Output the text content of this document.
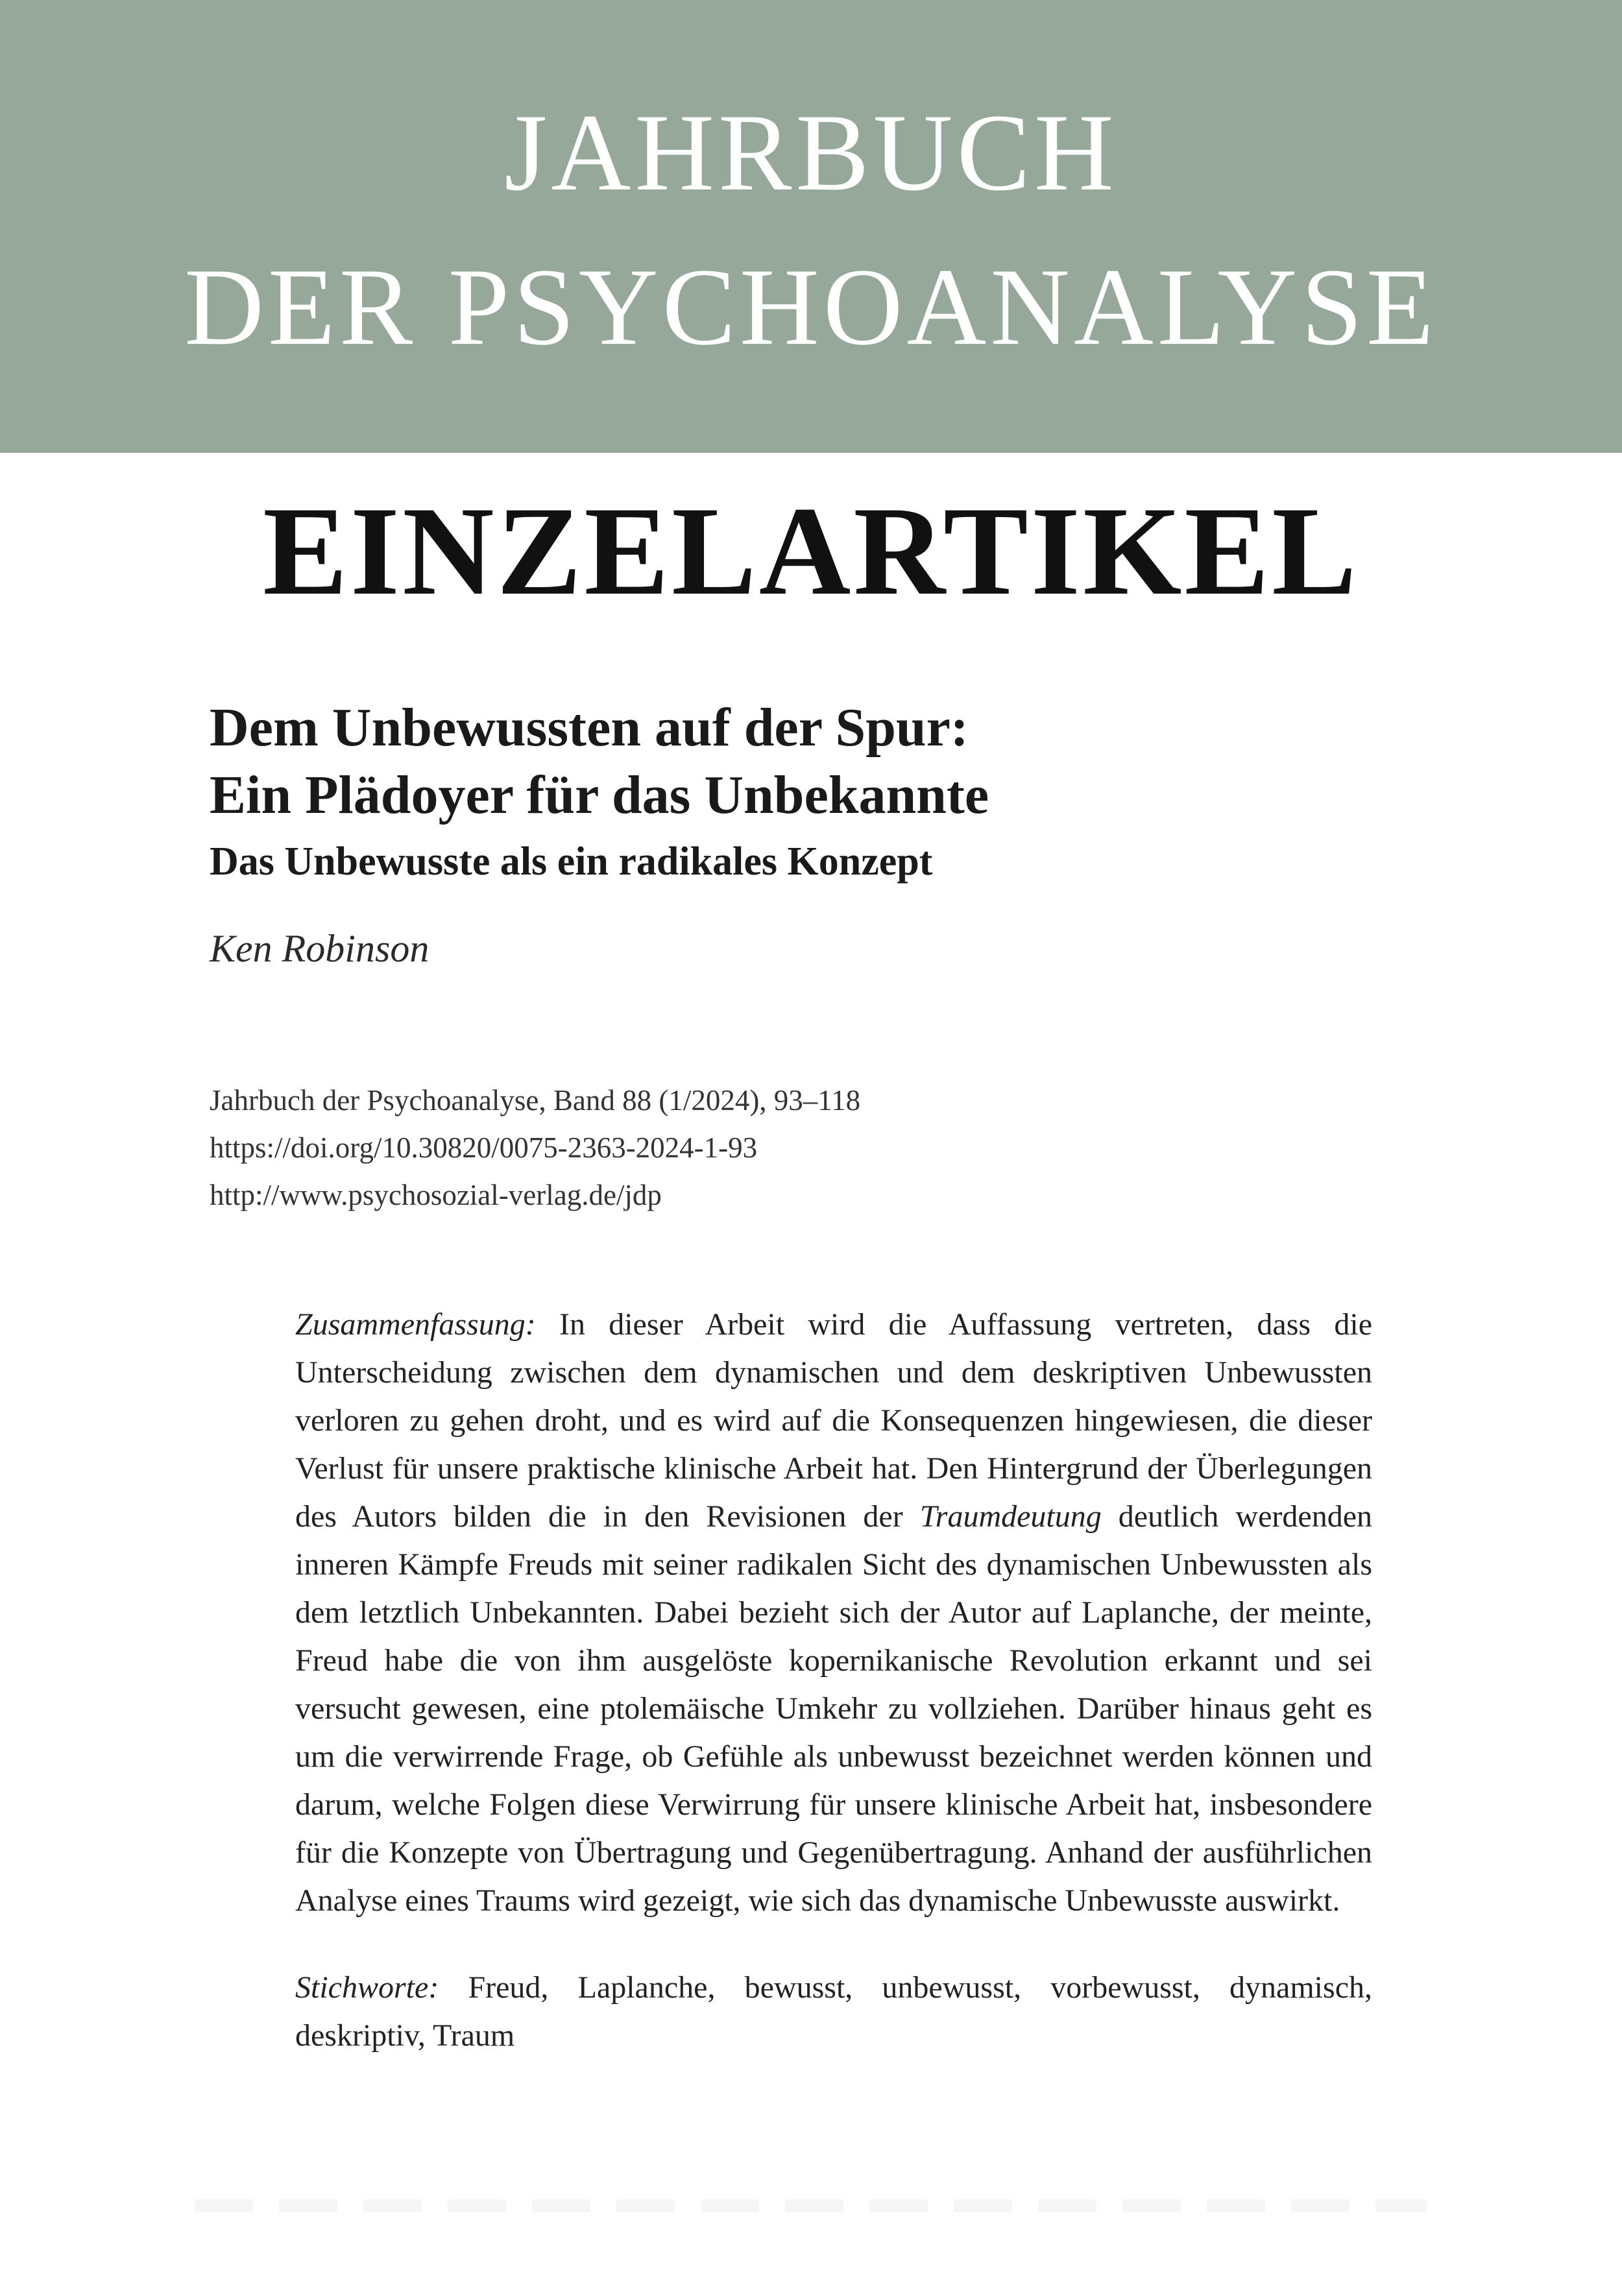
JAHRBUCH
DER PSYCHOANALYSE
EINZELARTIKEL
Dem Unbewussten auf der Spur:
Ein Plädoyer für das Unbekannte
Das Unbewusste als ein radikales Konzept
Ken Robinson
Jahrbuch der Psychoanalyse, Band 88 (1/2024), 93–118
https://doi.org/10.30820/0075-2363-2024-1-93
http://www.psychosozial-verlag.de/jdp
Zusammenfassung: In dieser Arbeit wird die Auffassung vertreten, dass die Unterscheidung zwischen dem dynamischen und dem deskriptiven Unbewussten verloren zu gehen droht, und es wird auf die Konsequenzen hingewiesen, die dieser Verlust für unsere praktische klinische Arbeit hat. Den Hintergrund der Überlegungen des Autors bilden die in den Revisionen der Traumdeutung deutlich werdenden inneren Kämpfe Freuds mit seiner radikalen Sicht des dynamischen Unbewussten als dem letztlich Unbekannten. Dabei bezieht sich der Autor auf Laplanche, der meinte, Freud habe die von ihm ausgelöste kopernikanische Revolution erkannt und sei versucht gewesen, eine ptolemäische Umkehr zu vollziehen. Darüber hinaus geht es um die verwirrende Frage, ob Gefühle als unbewusst bezeichnet werden können und darum, welche Folgen diese Verwirrung für unsere klinische Arbeit hat, insbesondere für die Konzepte von Übertragung und Gegenübertragung. Anhand der ausführlichen Analyse eines Traums wird gezeigt, wie sich das dynamische Unbewusste auswirkt.
Stichworte: Freud, Laplanche, bewusst, unbewusst, vorbewusst, dynamisch, deskriptiv, Traum
